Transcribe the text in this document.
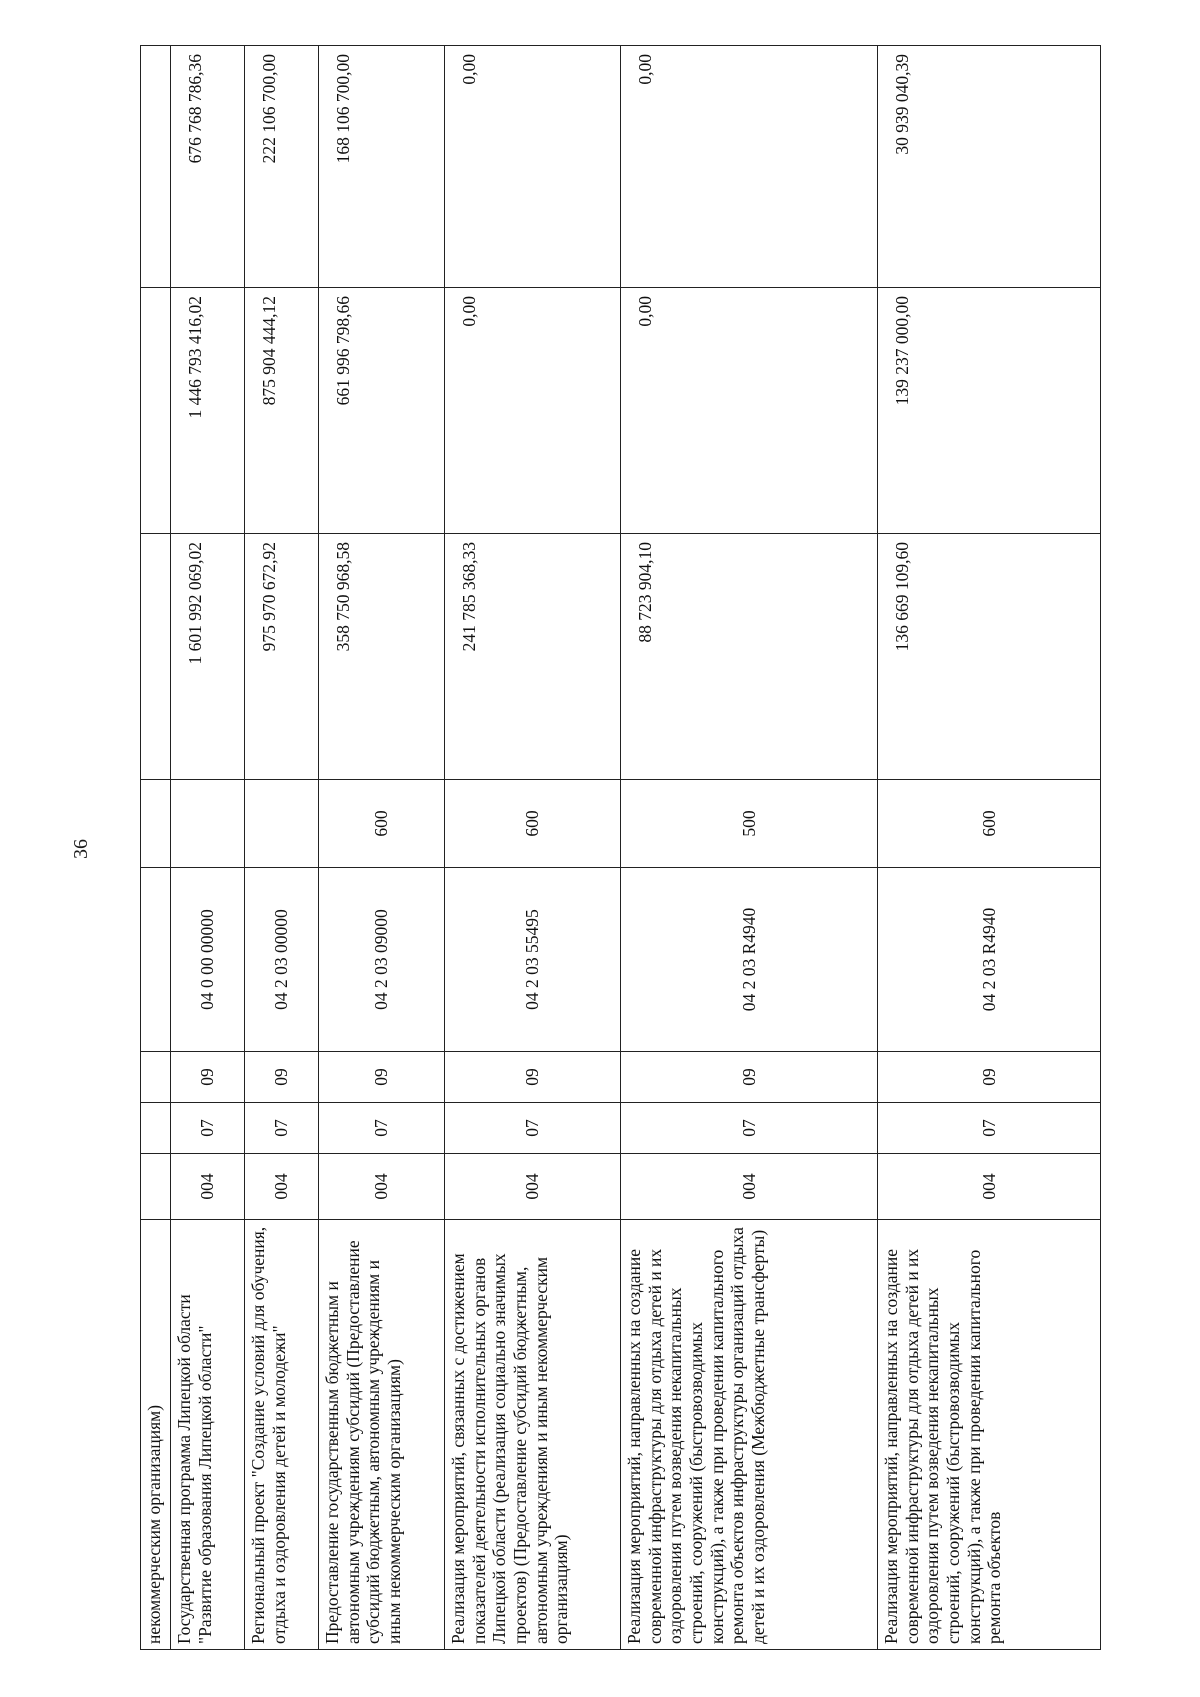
36
некоммерческим организациям)								
Государственная программа Липецкой области "Развитие образования Липецкой области"	004	07	09	04 0 00 00000		1 601 992 069,02	1 446 793 416,02	676 768 786,36
Региональный проект "Создание условий для обучения, отдыха и оздоровления детей и молодежи"	004	07	09	04 2 03 00000		975 970 672,92	875 904 444,12	222 106 700,00
Предоставление государственным бюджетным и автономным учреждениям субсидий (Предоставление субсидий бюджетным, автономным учреждениям и иным некоммерческим организациям)	004	07	09	04 2 03 09000	600	358 750 968,58	661 996 798,66	168 106 700,00
Реализация мероприятий, связанных с достижением показателей деятельности исполнительных органов Липецкой области (реализация социально значимых проектов) (Предоставление субсидий бюджетным, автономным учреждениям и иным некоммерческим организациям)	004	07	09	04 2 03 55495	600	241 785 368,33	0,00	0,00
Реализация мероприятий, направленных на создание современной инфраструктуры для отдыха детей и их оздоровления путем возведения некапитальных строений, сооружений (быстровозводимых конструкций), а также при проведении капитального ремонта объектов инфраструктуры организаций отдыха детей и их оздоровления (Межбюджетные трансферты)	004	07	09	04 2 03 R4940	500	88 723 904,10	0,00	0,00
Реализация мероприятий, направленных на создание современной инфраструктуры для отдыха детей и их оздоровления путем возведения некапитальных строений, сооружений (быстровозводимых конструкций), а также при проведении капитального ремонта объектов	004	07	09	04 2 03 R4940	600	136 669 109,60	139 237 000,00	30 939 040,39
